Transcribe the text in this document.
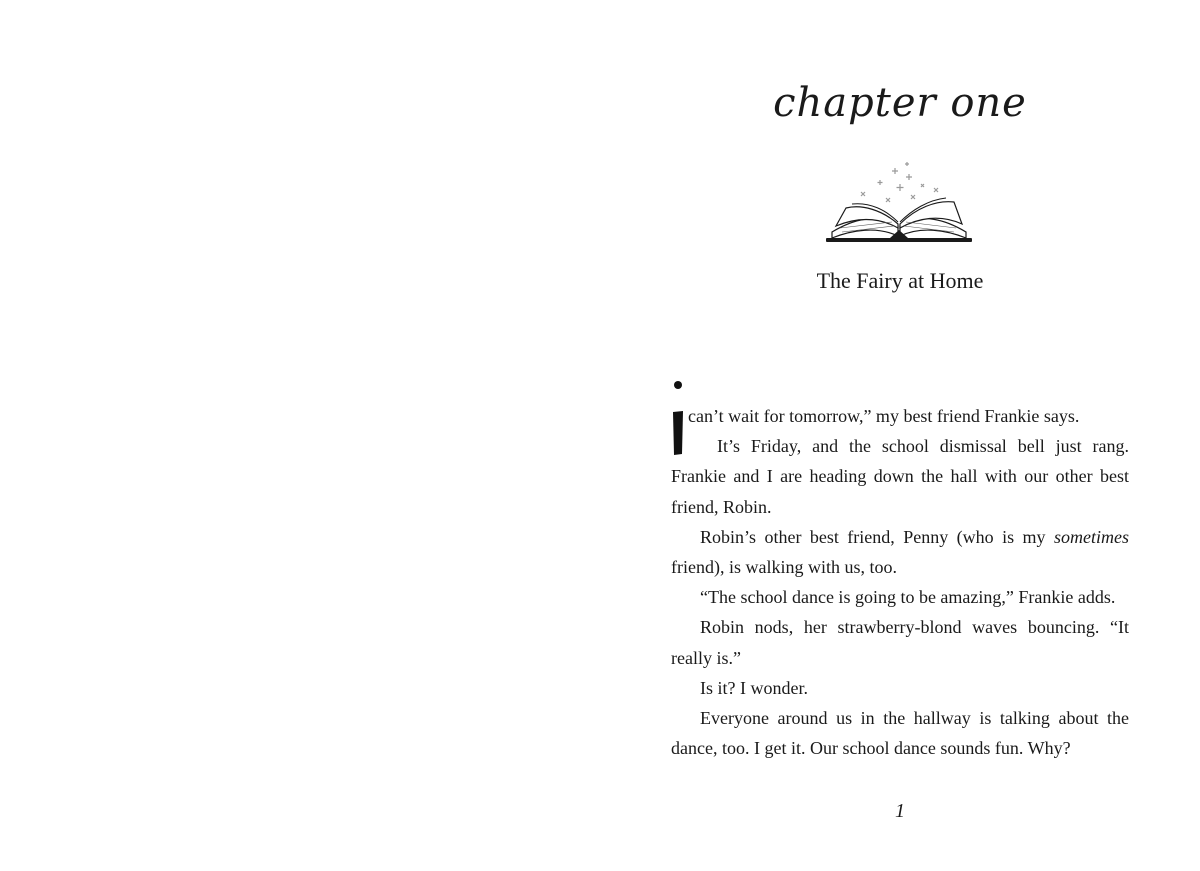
chapter one
The Fairy at Home

can’t wait for tomorrow,” my best friend Frankie says.

It’s Friday, and the school dismissal bell just rang. Frankie and I are heading down the hall with our other best friend, Robin.

Robin’s other best friend, Penny (who is my sometimes friend), is walking with us, too.

“The school dance is going to be amazing,” Frankie adds.

Robin nods, her strawberry-blond waves bouncing. “It really is.”

Is it? I wonder.

Everyone around us in the hallway is talking about the dance, too. I get it. Our school dance sounds fun. Why?

1
